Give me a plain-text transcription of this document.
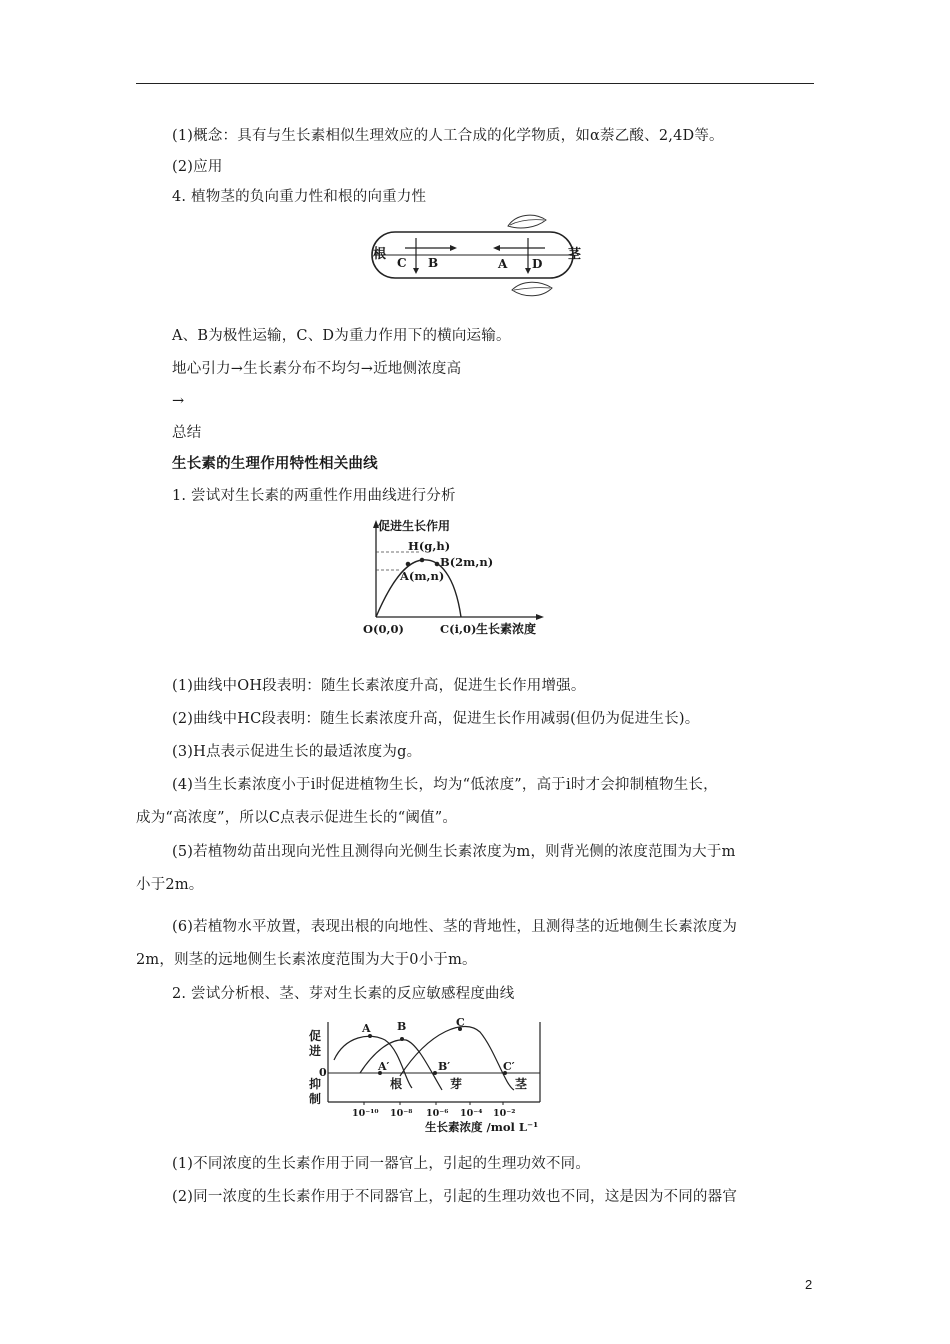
(1)概念：具有与生长素相似生理效应的人工合成的化学物质，如α萘乙酸、2,4D等。
(2)应用
4. 植物茎的负向重力性和根的向重力性
根	茎
C B	A D
A、B为极性运输，C、D为重力作用下的横向运输。
地心引力→生长素分布不均匀→近地侧浓度高
→
总结
生长素的生理作用特性相关曲线
1. 尝试对生长素的两重性作用曲线进行分析
促进生长作用
H(g,h)
B(2m,n)
A(m,n)
O(0,0)	C(i,0) 生长素浓度
(1)曲线中OH段表明：随生长素浓度升高，促进生长作用增强。
(2)曲线中HC段表明：随生长素浓度升高，促进生长作用减弱(但仍为促进生长)。
(3)H点表示促进生长的最适浓度为g。
(4)当生长素浓度小于i时促进植物生长，均为“低浓度”，高于i时才会抑制植物生长，
成为“高浓度”，所以C点表示促进生长的“阈值”。
(5)若植物幼苗出现向光性且测得向光侧生长素浓度为m，则背光侧的浓度范围为大于m
小于2m。
(6)若植物水平放置，表现出根的向地性、茎的背地性，且测得茎的近地侧生长素浓度为
2m，则茎的远地侧生长素浓度范围为大于0小于m。
2. 尝试分析根、茎、芽对生长素的反应敏感程度曲线
促
进
0
抑
制
A B	C
A′	B′	C′
根	芽	茎
10⁻¹⁰ 10⁻⁸ 10⁻⁶ 10⁻⁴ 10⁻²
生长素浓度 /mol L⁻¹
(1)不同浓度的生长素作用于同一器官上，引起的生理功效不同。
(2)同一浓度的生长素作用于不同器官上，引起的生理功效也不同，这是因为不同的器官
2
